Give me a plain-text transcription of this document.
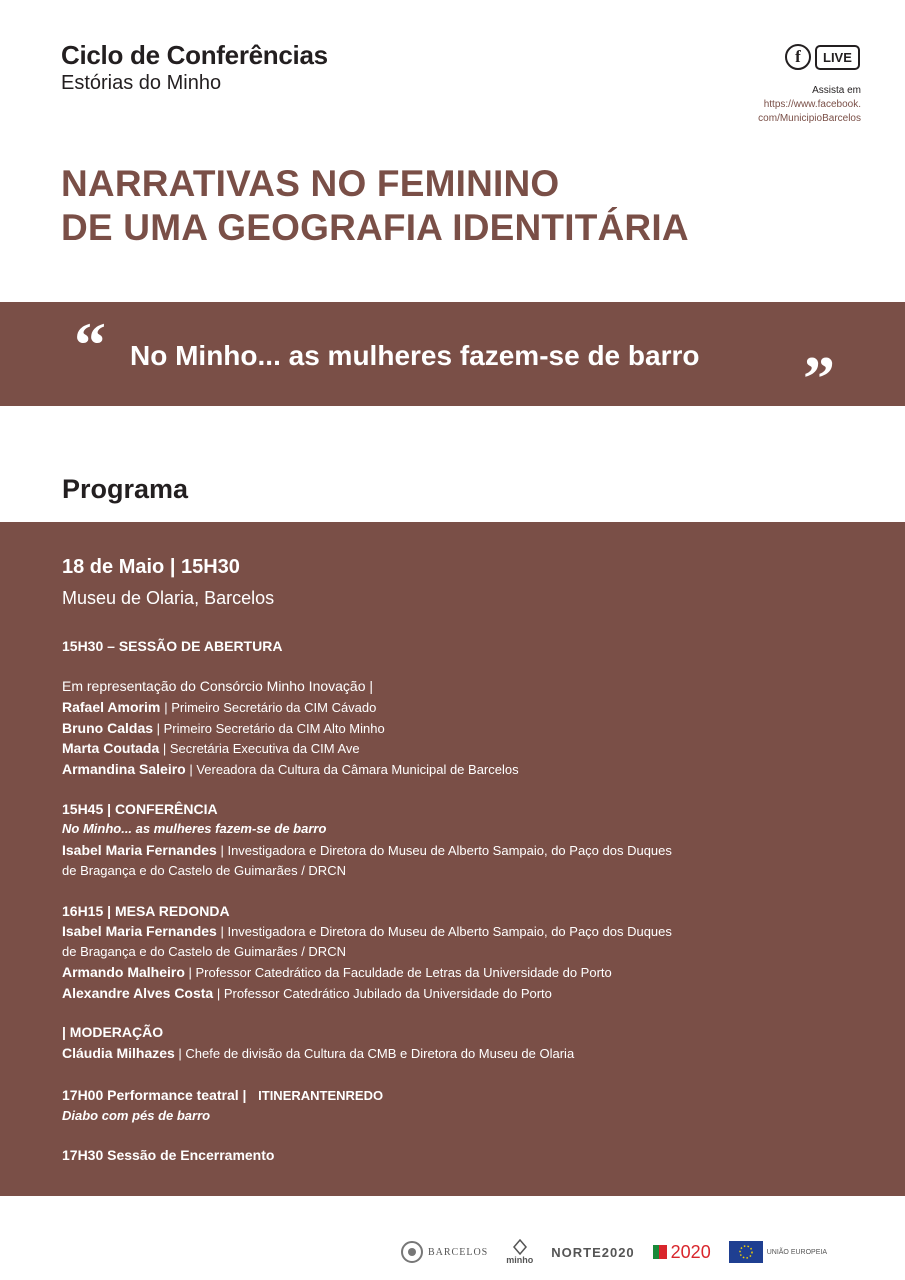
Ciclo de Conferências
Estórias do Minho
f	LIVE
Assista em
https://www.facebook.
com/MunicipioBarcelos
NARRATIVAS NO FEMININO
DE UMA GEOGRAFIA IDENTITÁRIA
“ No Minho... as mulheres fazem-se de barro ”
Programa
18 de Maio | 15H30
Museu de Olaria, Barcelos
15H30 – SESSÃO DE ABERTURA
Em representação do Consórcio Minho Inovação |
Rafael Amorim | Primeiro Secretário da CIM Cávado
Bruno Caldas | Primeiro Secretário da CIM Alto Minho
Marta Coutada | Secretária Executiva da CIM Ave
Armandina Saleiro | Vereadora da Cultura da Câmara Municipal de Barcelos
15H45 | CONFERÊNCIA
No Minho... as mulheres fazem-se de barro
Isabel Maria Fernandes | Investigadora e Diretora do Museu de Alberto Sampaio, do Paço dos Duques
de Bragança e do Castelo de Guimarães / DRCN
16H15 | MESA REDONDA
Isabel Maria Fernandes | Investigadora e Diretora do Museu de Alberto Sampaio, do Paço dos Duques
de Bragança e do Castelo de Guimarães / DRCN
Armando Malheiro | Professor Catedrático da Faculdade de Letras da Universidade do Porto
Alexandre Alves Costa | Professor Catedrático Jubilado da Universidade do Porto
| MODERAÇÃO
Cláudia Milhazes | Chefe de divisão da Cultura da CMB e Diretora do Museu de Olaria
17H00 Performance teatral | ITINERANTENREDO
Diabo com pés de barro
17H30 Sessão de Encerramento
BARCELOS
minho
NORTE2020 2020	UNIÃO EUROPEIA
